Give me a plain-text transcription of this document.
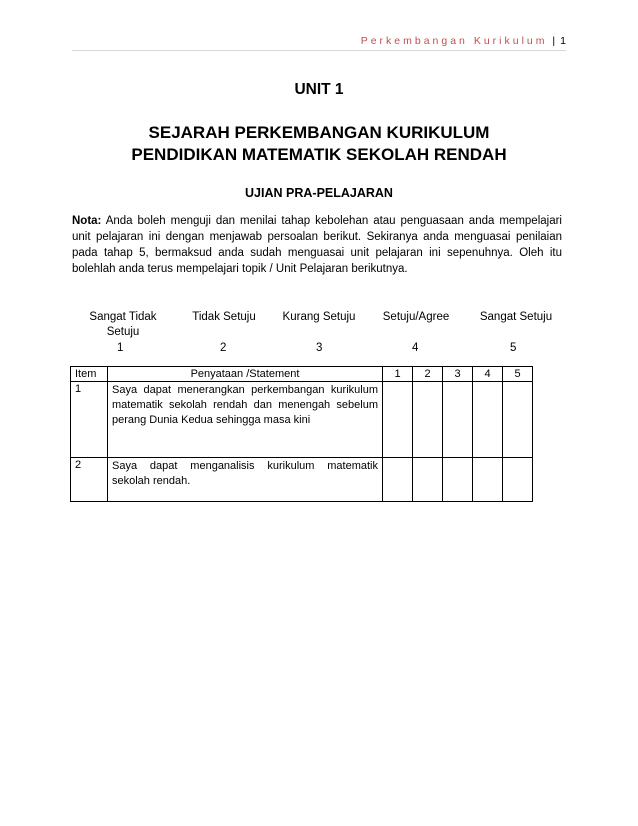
Perkembangan Kurikulum | 1
UNIT 1
SEJARAH PERKEMBANGAN KURIKULUM
PENDIDIKAN MATEMATIK SEKOLAH RENDAH
UJIAN PRA-PELAJARAN
Nota: Anda boleh menguji dan menilai tahap kebolehan atau penguasaan anda mempelajari unit pelajaran ini dengan menjawab persoalan berikut. Sekiranya anda menguasai penilaian pada tahap 5, bermaksud anda sudah menguasai unit pelajaran ini sepenuhnya. Oleh itu bolehlah anda terus mempelajari topik / Unit Pelajaran berikutnya.
Sangat Tidak Setuju
1
Tidak Setuju
2
Kurang Setuju
3
Setuju/Agree
4
Sangat Setuju
5
Item	Penyataan /Statement	1	2	3	4	5
1	Saya dapat menerangkan perkembangan kurikulum matematik sekolah rendah dan menengah sebelum perang Dunia Kedua sehingga masa kini					
2	Saya dapat menganalisis kurikulum matematik sekolah rendah.					
